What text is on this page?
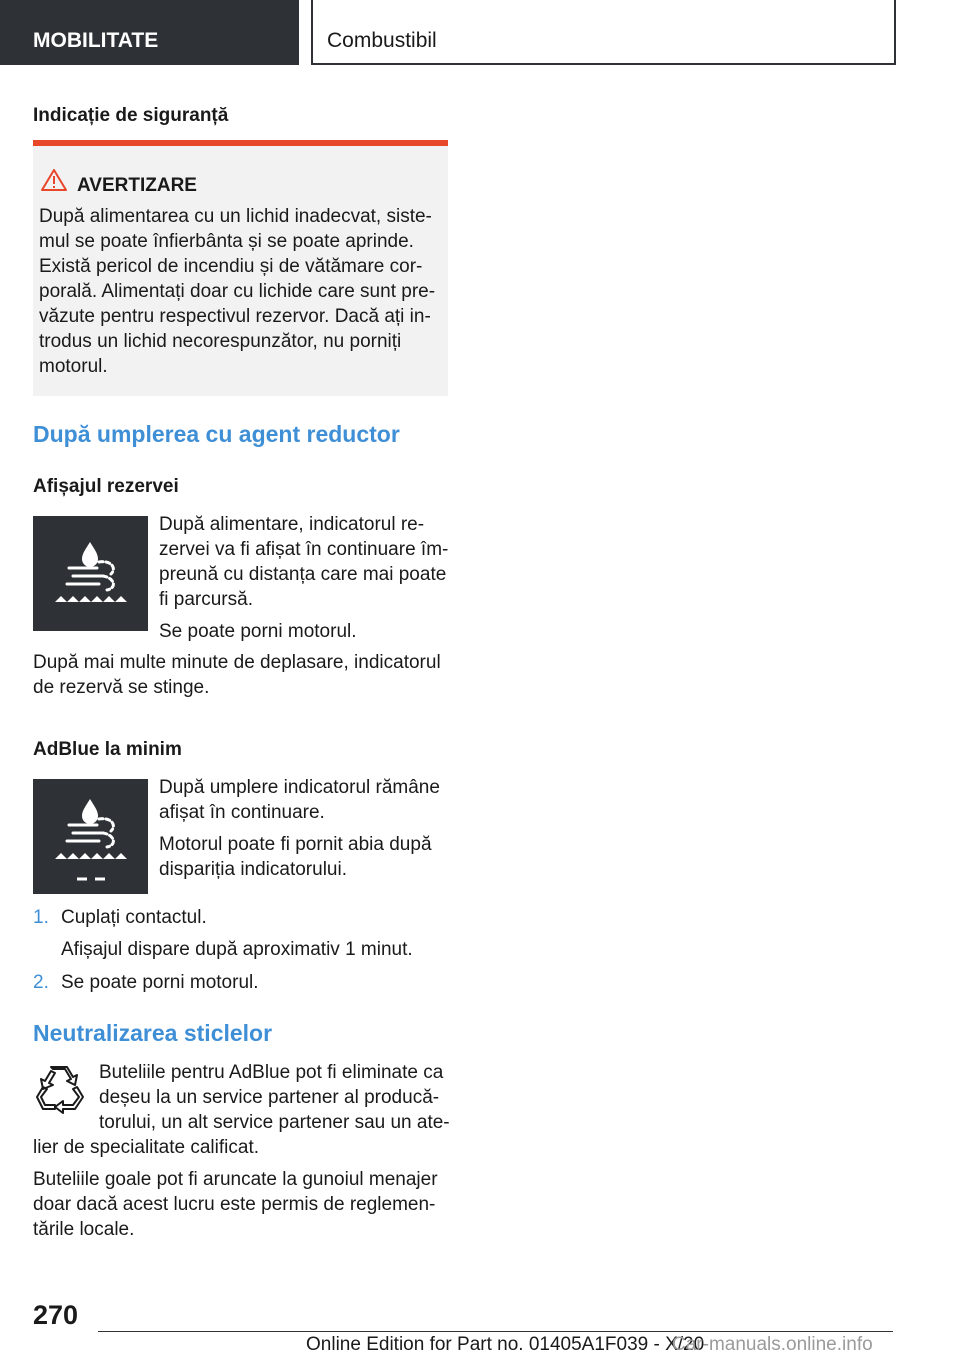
MOBILITATE	Combustibil
Indicație de siguranță
AVERTIZARE
După alimentarea cu un lichid inadecvat, siste-
mul se poate înfierbânta și se poate aprinde.
Există pericol de incendiu și de vătămare cor-
porală. Alimentați doar cu lichide care sunt pre-
văzute pentru respectivul rezervor. Dacă ați in-
trodus un lichid necorespunzător, nu porniți
motorul.
După umplerea cu agent reductor
Afișajul rezervei
După alimentare, indicatorul re-
zervei va fi afișat în continuare îm-
preună cu distanța care mai poate
fi parcursă.
Se poate porni motorul.
După mai multe minute de deplasare, indicatorul
de rezervă se stinge.
AdBlue la minim
După umplere indicatorul rămâne
afișat în continuare.
Motorul poate fi pornit abia după
dispariția indicatorului.
1. Cuplați contactul.
Afișajul dispare după aproximativ 1 minut.
2. Se poate porni motorul.
Neutralizarea sticlelor
Buteliile pentru AdBlue pot fi eliminate ca
deșeu la un service partener al producă-
torului, un alt service partener sau un ate-
lier de specialitate calificat.
Buteliile goale pot fi aruncate la gunoiul menajer
doar dacă acest lucru este permis de reglemen-
tările locale.
270
Online Edition for Part no. 01405A1F039 - X/20
Car-manuals.online.info
